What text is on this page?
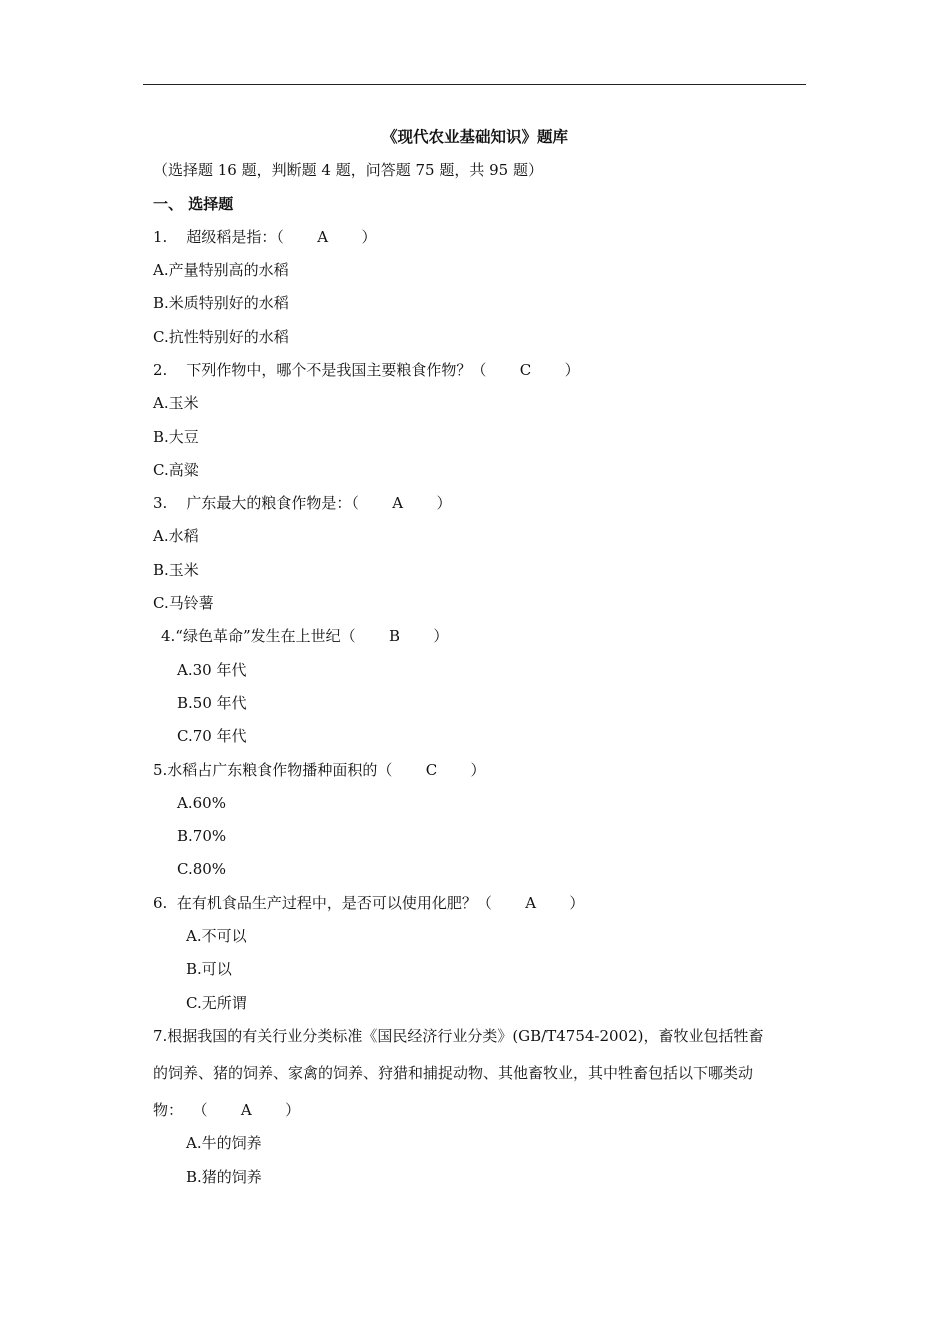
《现代农业基础知识》题库
（选择题 16 题，判断题 4 题，问答题 75 题，共 95 题）
一、 选择题
1.    超级稻是指：（       A       ）
A.产量特别高的水稻
B.米质特别好的水稻
C.抗性特别好的水稻
2.    下列作物中，哪个不是我国主要粮食作物？（       C       ）
A.玉米
B.大豆
C.高粱
3.    广东最大的粮食作物是：（       A       ）
A.水稻
B.玉米
C.马铃薯
4.“绿色革命”发生在上世纪（       B       ）
A.30 年代
B.50 年代
C.70 年代
5.水稻占广东粮食作物播种面积的（       C       ）
A.60%
B.70%
C.80%
6.  在有机食品生产过程中，是否可以使用化肥？（       A       ）
A.不可以
B.可以
C.无所谓
7.根据我国的有关行业分类标准《国民经济行业分类》(GB/T4754-2002)，畜牧业包括牲畜
的饲养、猪的饲养、家禽的饲养、狩猎和捕捉动物、其他畜牧业，其中牲畜包括以下哪类动
物：  （       A       ）
A.牛的饲养
B.猪的饲养
